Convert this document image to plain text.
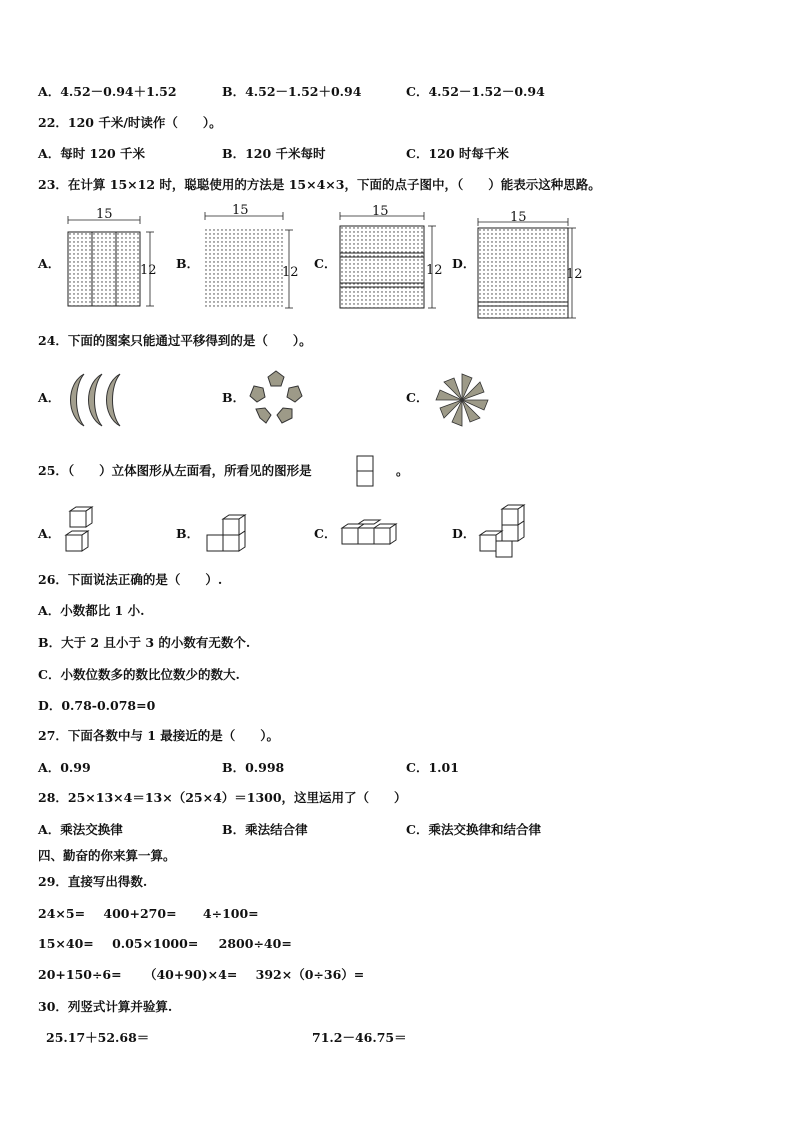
A．4.52－0.94＋1.52	B．4.52－1.52＋0.94	C．4.52－1.52－0.94
22．120 千米/时读作（　　）。
A．每时 120 千米	B．120 千米每时	C．120 时每千米
23．在计算 15×12 时，聪聪使用的方法是 15×4×3，下面的点子图中，（　　）能表示这种思路。
A．	B．	C．	D．
15
12
15
12
15
12
15
12
24．下面的图案只能通过平移得到的是（　　）。
A．	B．	C．
25．（　　）立体图形从左面看，所看见的图形是	。
A．	B．	C．	D．
26．下面说法正确的是（　　）.
A．小数都比 1 小.
B．大于 2 且小于 3 的小数有无数个.
C．小数位数多的数比位数少的数大.
D．0.78-0.078=0
27．下面各数中与 1 最接近的是（　　）。
A．0.99	B．0.998	C．1.01
28．25×13×4＝13×（25×4）＝1300，这里运用了（　　）
A．乘法交换律	B．乘法结合律	C．乘法交换律和结合律
四、勤奋的你来算一算。
29．直接写出得数.
24×5= 400+270= 4÷100=
15×40= 0.05×1000= 2800÷40=
20+150÷6= （40+90)×4= 392×（0÷36）=
30．列竖式计算并验算.
25.17＋52.68＝	71.2－46.75＝
